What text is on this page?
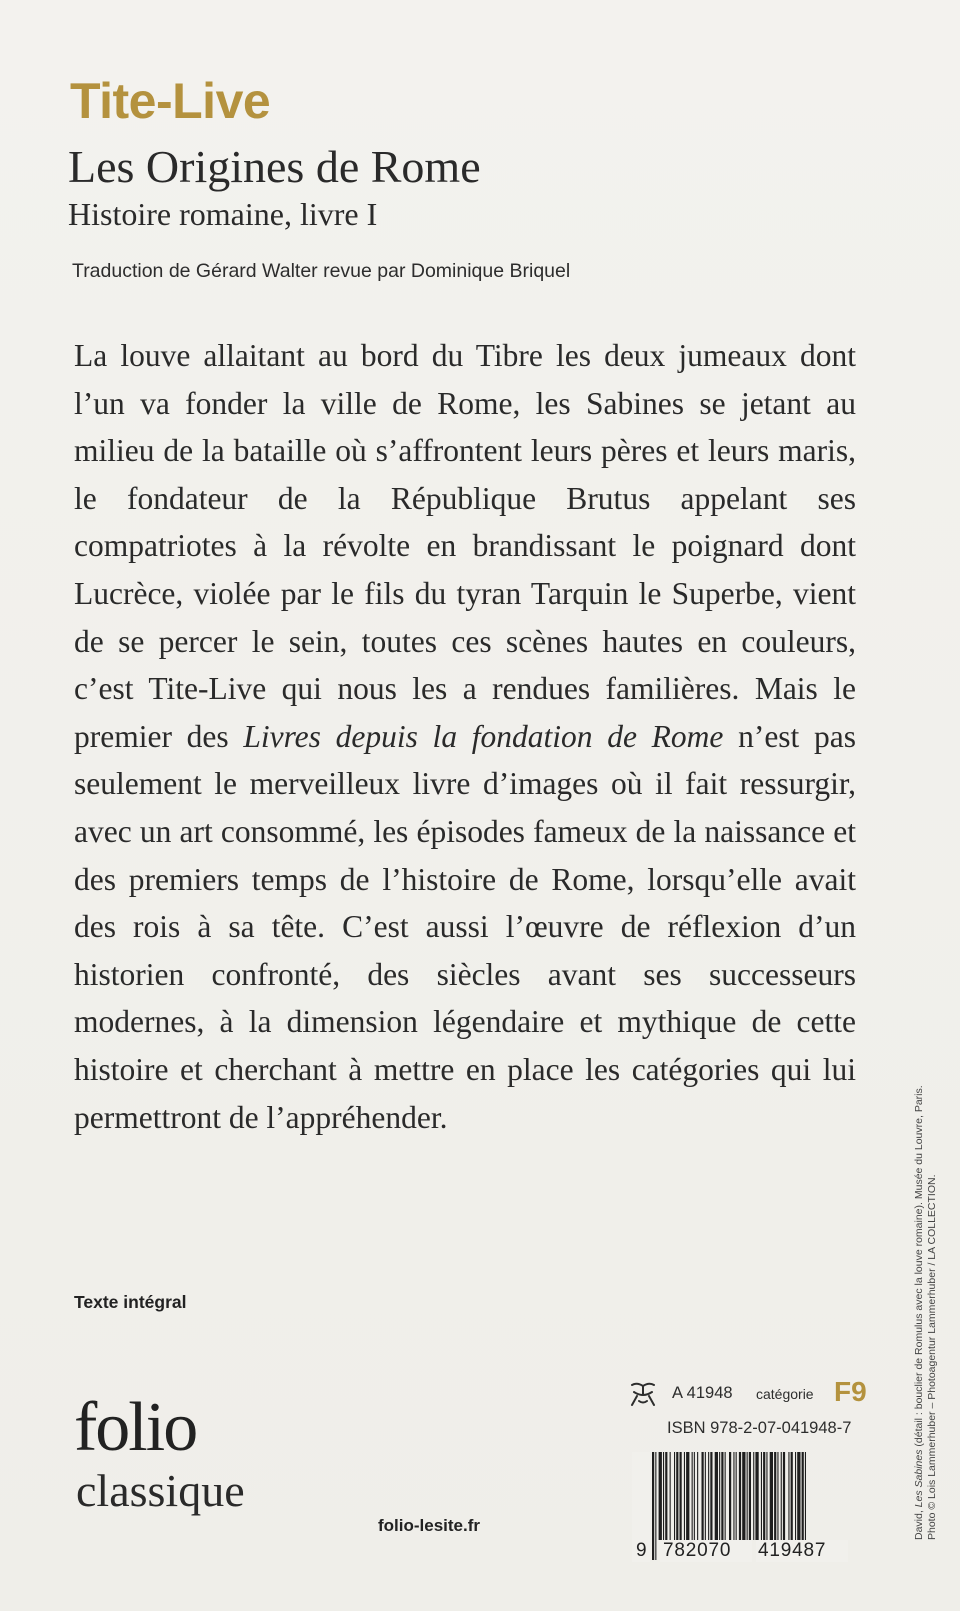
Tite-Live
Les Origines de Rome
Histoire romaine, livre I
Traduction de Gérard Walter revue par Dominique Briquel

La louve allaitant au bord du Tibre les deux jumeaux dont l’un va fonder la ville de Rome, les Sabines se jetant au milieu de la bataille où s’affrontent leurs pères et leurs maris, le fondateur de la République Brutus appelant ses compatriotes à la révolte en brandissant le poignard dont Lucrèce, violée par le fils du tyran Tarquin le Superbe, vient de se percer le sein, toutes ces scènes hautes en couleurs, c’est Tite-Live qui nous les a rendues familières. Mais le premier des Livres depuis la fondation de Rome n’est pas seulement le merveilleux livre d’images où il fait ressurgir, avec un art consommé, les épisodes fameux de la naissance et des premiers temps de l’histoire de Rome, lorsqu’elle avait des rois à sa tête. C’est aussi l’œuvre de réflexion d’un historien confronté, des siècles avant ses successeurs modernes, à la dimension légendaire et mythique de cette histoire et cherchant à mettre en place les catégories qui lui permettront de l’appréhender.

Texte intégral
folio
classique
folio-lesite.fr
A 41948 catégorie F9
ISBN 978-2-07-041948-7
9 782070 419487
David, Les Sabines (détail : bouclier de Romulus avec la louve romaine). Musée du Louvre, Paris. Photo © Lois Lammerhuber – Photoagentur Lammerhuber / LA COLLECTION.
